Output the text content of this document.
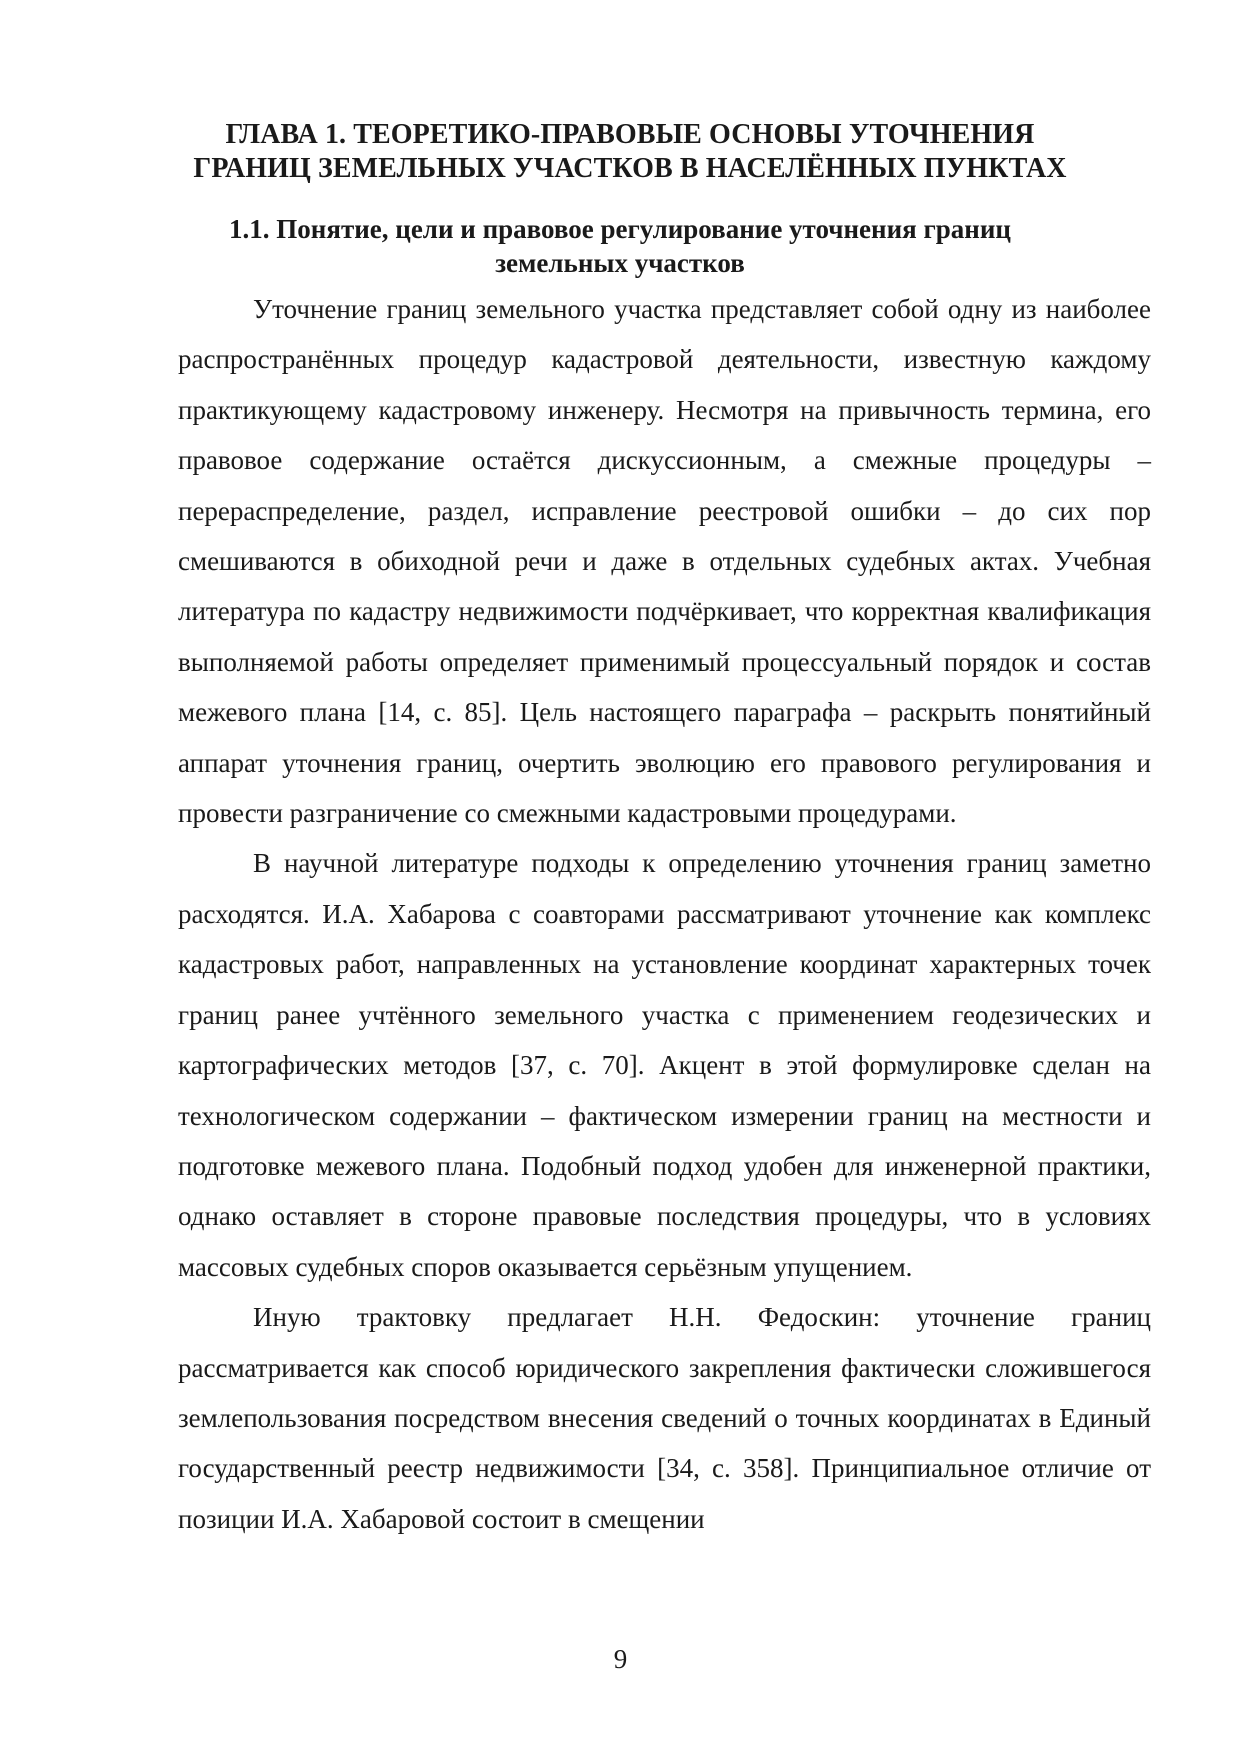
ГЛАВА 1. ТЕОРЕТИКО-ПРАВОВЫЕ ОСНОВЫ УТОЧНЕНИЯ
ГРАНИЦ ЗЕМЕЛЬНЫХ УЧАСТКОВ В НАСЕЛЁННЫХ ПУНКТАХ
1.1. Понятие, цели и правовое регулирование уточнения границ
земельных участков

Уточнение границ земельного участка представляет собой одну из наиболее распространённых процедур кадастровой деятельности, известную каждому практикующему кадастровому инженеру. Несмотря на привычность термина, его правовое содержание остаётся дискуссионным, а смежные процедуры – перераспределение, раздел, исправление реестровой ошибки – до сих пор смешиваются в обиходной речи и даже в отдельных судебных актах. Учебная литература по кадастру недвижимости подчёркивает, что корректная квалификация выполняемой работы определяет применимый процессуальный порядок и состав межевого плана [14, с. 85]. Цель настоящего параграфа – раскрыть понятийный аппарат уточнения границ, очертить эволюцию его правового регулирования и провести разграничение со смежными кадастровыми процедурами.

В научной литературе подходы к определению уточнения границ заметно расходятся. И.А. Хабарова с соавторами рассматривают уточнение как комплекс кадастровых работ, направленных на установление координат характерных точек границ ранее учтённого земельного участка с применением геодезических и картографических методов [37, с. 70]. Акцент в этой формулировке сделан на технологическом содержании – фактическом измерении границ на местности и подготовке межевого плана. Подобный подход удобен для инженерной практики, однако оставляет в стороне правовые последствия процедуры, что в условиях массовых судебных споров оказывается серьёзным упущением.

Иную трактовку предлагает Н.Н. Федоскин: уточнение границ рассматривается как способ юридического закрепления фактически сложившегося землепользования посредством внесения сведений о точных координатах в Единый государственный реестр недвижимости [34, с. 358]. Принципиальное отличие от позиции И.А. Хабаровой состоит в смещении

9
